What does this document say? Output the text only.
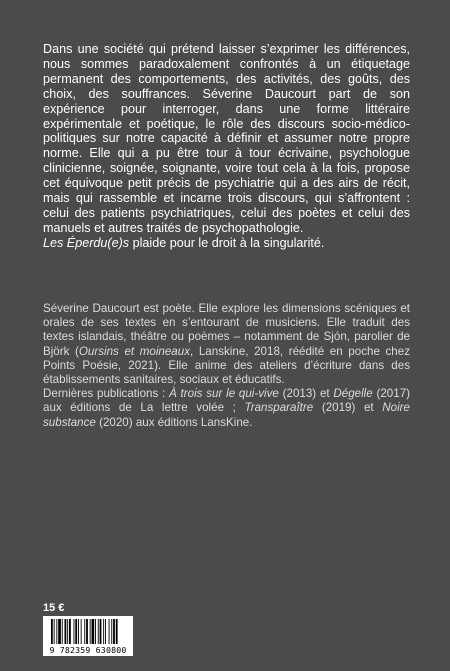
Dans une société qui prétend laisser s’exprimer les différences, nous sommes paradoxalement confrontés à un étiquetage permanent des comportements, des activités, des goûts, des choix, des souffrances. Séverine Daucourt part de son expérience pour interroger, dans une forme littéraire expérimentale et poétique, le rôle des discours socio-médico-politiques sur notre capacité à définir et assumer notre propre norme. Elle qui a pu être tour à tour écrivaine, psychologue clinicienne, soignée, soignante, voire tout cela à la fois, propose cet équivoque petit précis de psychiatrie qui a des airs de récit, mais qui rassemble et incarne trois discours, qui s’affrontent : celui des patients psychiatriques, celui des poètes et celui des manuels et autres traités de psychopathologie.

Les Éperdu(e)s plaide pour le droit à la singularité.

Séverine Daucourt est poète. Elle explore les dimensions scéniques et orales de ses textes en s’entourant de musiciens. Elle traduit des textes islandais, théâtre ou poèmes – notamment de Sjón, parolier de Björk (Oursins et moineaux, Lanskine, 2018, réédité en poche chez Points Poésie, 2021). Elle anime des ateliers d’écriture dans des établissements sanitaires, sociaux et éducatifs.

Dernières publications : À trois sur le qui-vive (2013) et Dégelle (2017) aux éditions de La lettre volée ; Transparaître (2019) et Noire substance (2020) aux éditions LansKine.

15 €
9 782359 630800
